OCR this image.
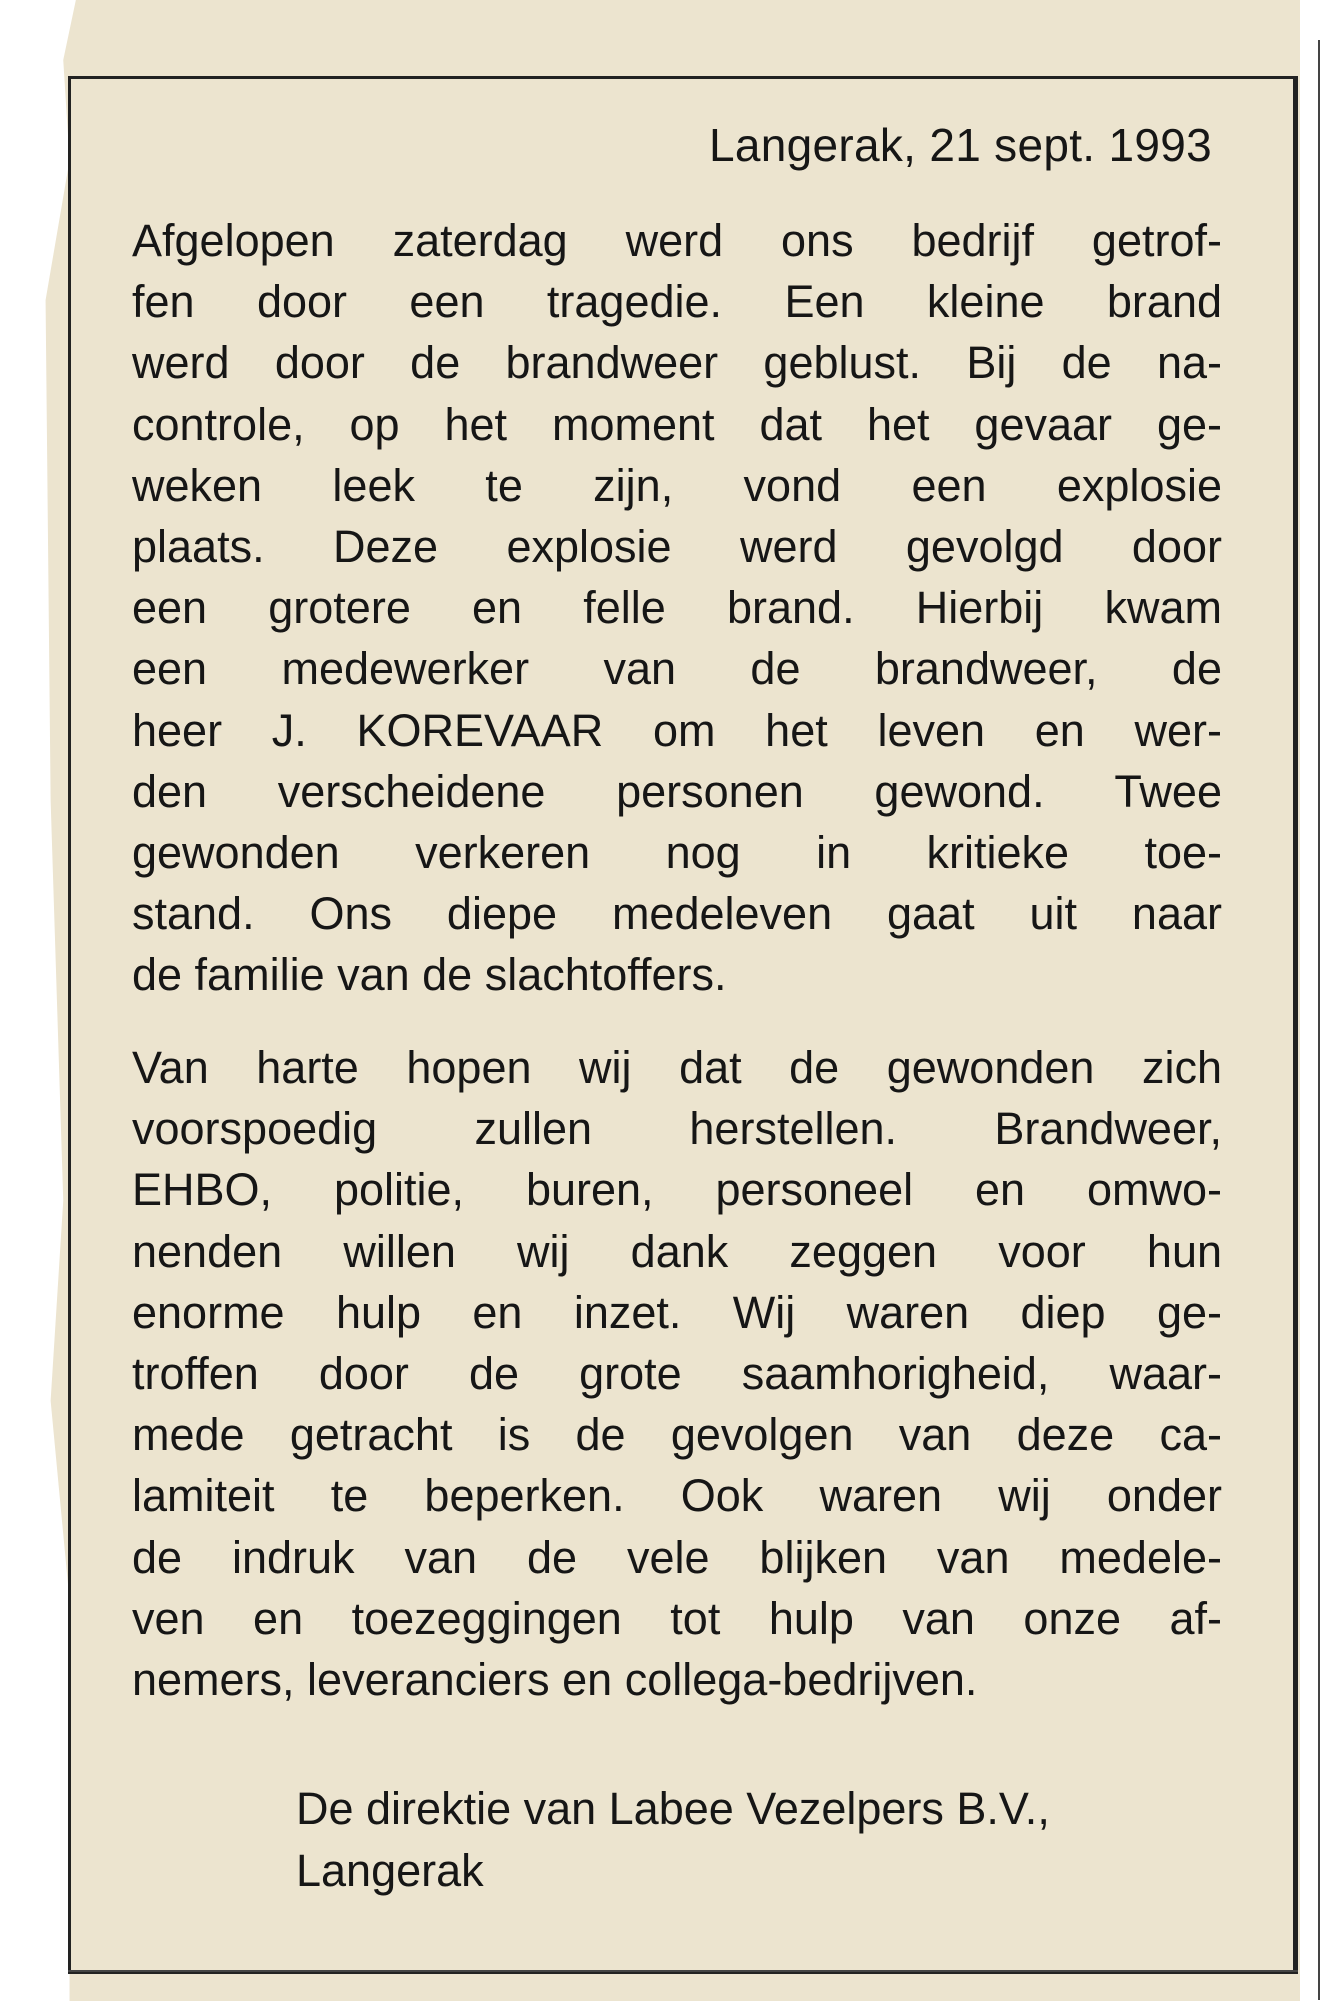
Langerak, 21 sept. 1993

Afgelopen zaterdag werd ons bedrijf getrof-
fen door een tragedie. Een kleine brand
werd door de brandweer geblust. Bij de na-
controle, op het moment dat het gevaar ge-
weken leek te zijn, vond een explosie
plaats. Deze explosie werd gevolgd door
een grotere en felle brand. Hierbij kwam
een medewerker van de brandweer, de
heer J. KOREVAAR om het leven en wer-
den verscheidene personen gewond. Twee
gewonden verkeren nog in kritieke toe-
stand. Ons diepe medeleven gaat uit naar
de familie van de slachtoffers.

Van harte hopen wij dat de gewonden zich
voorspoedig zullen herstellen. Brandweer,
EHBO, politie, buren, personeel en omwo-
nenden willen wij dank zeggen voor hun
enorme hulp en inzet. Wij waren diep ge-
troffen door de grote saamhorigheid, waar-
mede getracht is de gevolgen van deze ca-
lamiteit te beperken. Ook waren wij onder
de indruk van de vele blijken van medele-
ven en toezeggingen tot hulp van onze af-
nemers, leveranciers en collega-bedrijven.

De direktie van Labee Vezelpers B.V.,
Langerak
